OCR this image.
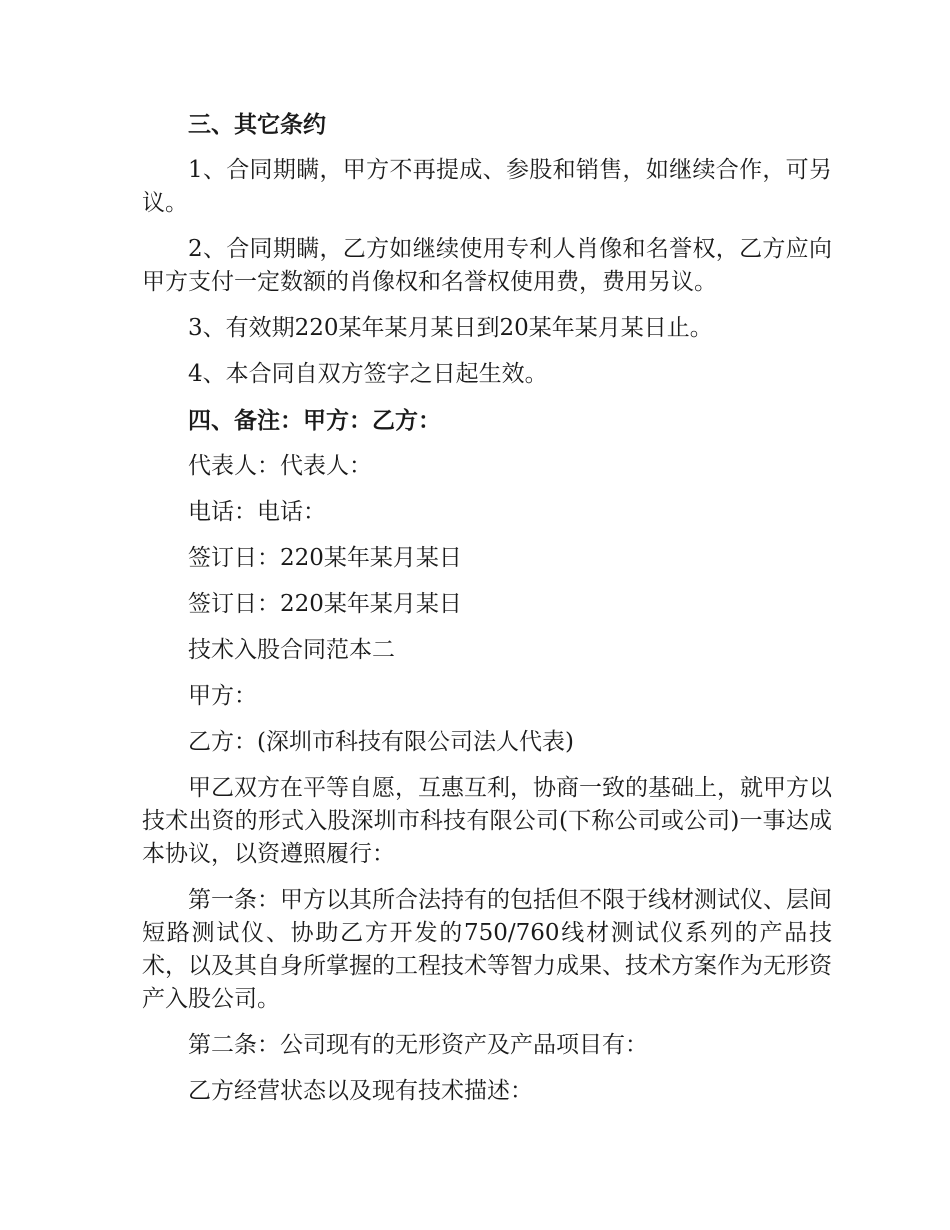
三、其它条约

1、合同期瞒，甲方不再提成、参股和销售，如继续合作，可另议。

2、合同期瞒，乙方如继续使用专利人肖像和名誉权，乙方应向甲方支付一定数额的肖像权和名誉权使用费，费用另议。

3、有效期220某年某月某日到20某年某月某日止。

4、本合同自双方签字之日起生效。

四、备注：甲方：乙方：

代表人：代表人：

电话：电话：

签订日：220某年某月某日

签订日：220某年某月某日

技术入股合同范本二

甲方：

乙方：(深圳市科技有限公司法人代表)

甲乙双方在平等自愿，互惠互利，协商一致的基础上，就甲方以技术出资的形式入股深圳市科技有限公司(下称公司或公司)一事达成本协议，以资遵照履行：

第一条：甲方以其所合法持有的包括但不限于线材测试仪、层间短路测试仪、协助乙方开发的750/760线材测试仪系列的产品技术，以及其自身所掌握的工程技术等智力成果、技术方案作为无形资产入股公司。

第二条：公司现有的无形资产及产品项目有：

乙方经营状态以及现有技术描述：
